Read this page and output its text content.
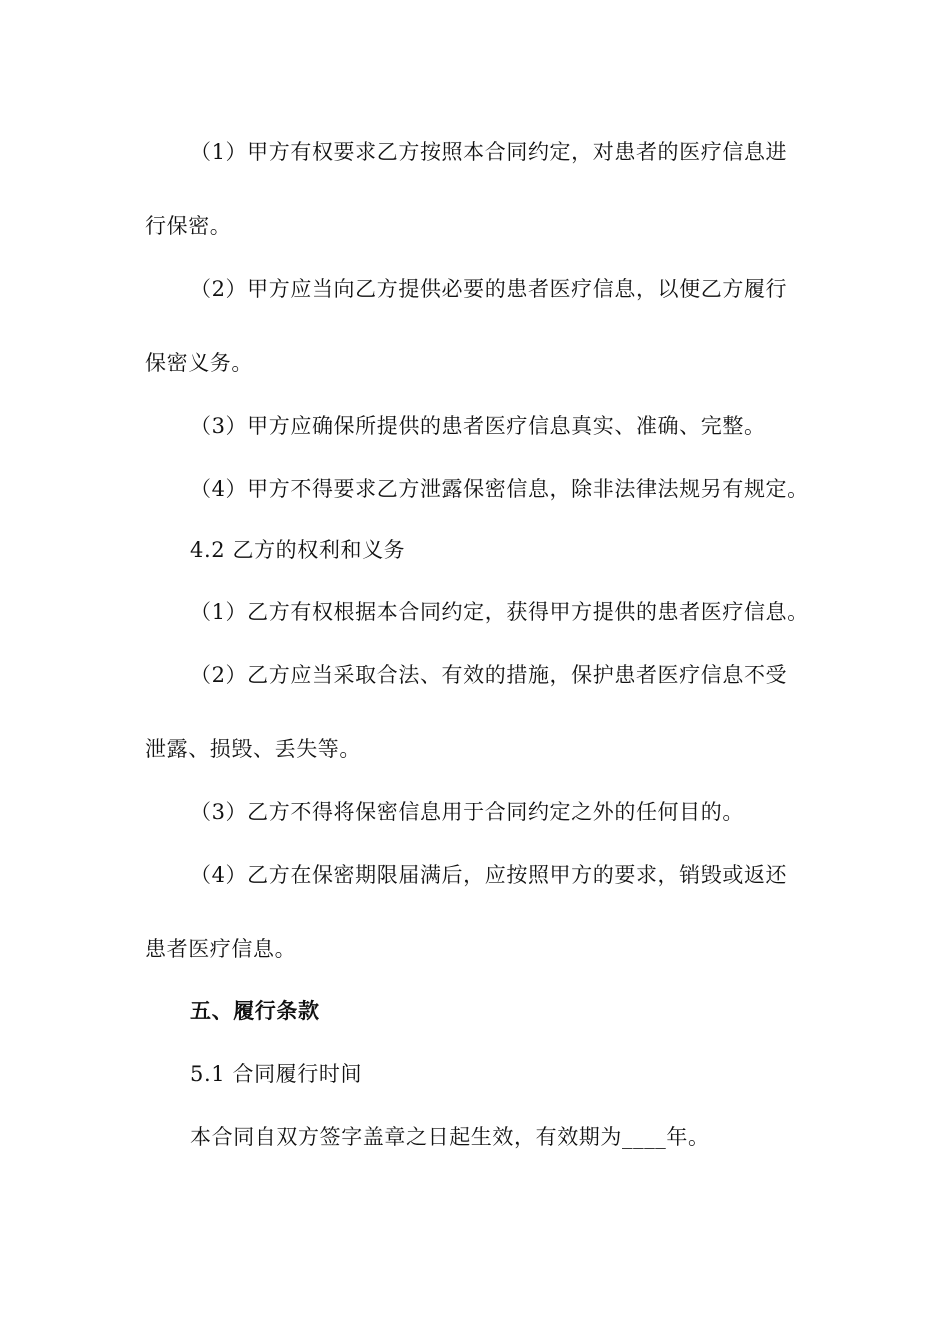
（1）甲方有权要求乙方按照本合同约定，对患者的医疗信息进
行保密。
（2）甲方应当向乙方提供必要的患者医疗信息，以便乙方履行
保密义务。
（3）甲方应确保所提供的患者医疗信息真实、准确、完整。
（4）甲方不得要求乙方泄露保密信息，除非法律法规另有规定。
4.2 乙方的权利和义务
（1）乙方有权根据本合同约定，获得甲方提供的患者医疗信息。
（2）乙方应当采取合法、有效的措施，保护患者医疗信息不受
泄露、损毁、丢失等。
（3）乙方不得将保密信息用于合同约定之外的任何目的。
（4）乙方在保密期限届满后，应按照甲方的要求，销毁或返还
患者医疗信息。
五、履行条款
5.1 合同履行时间
本合同自双方签字盖章之日起生效，有效期为____年。
